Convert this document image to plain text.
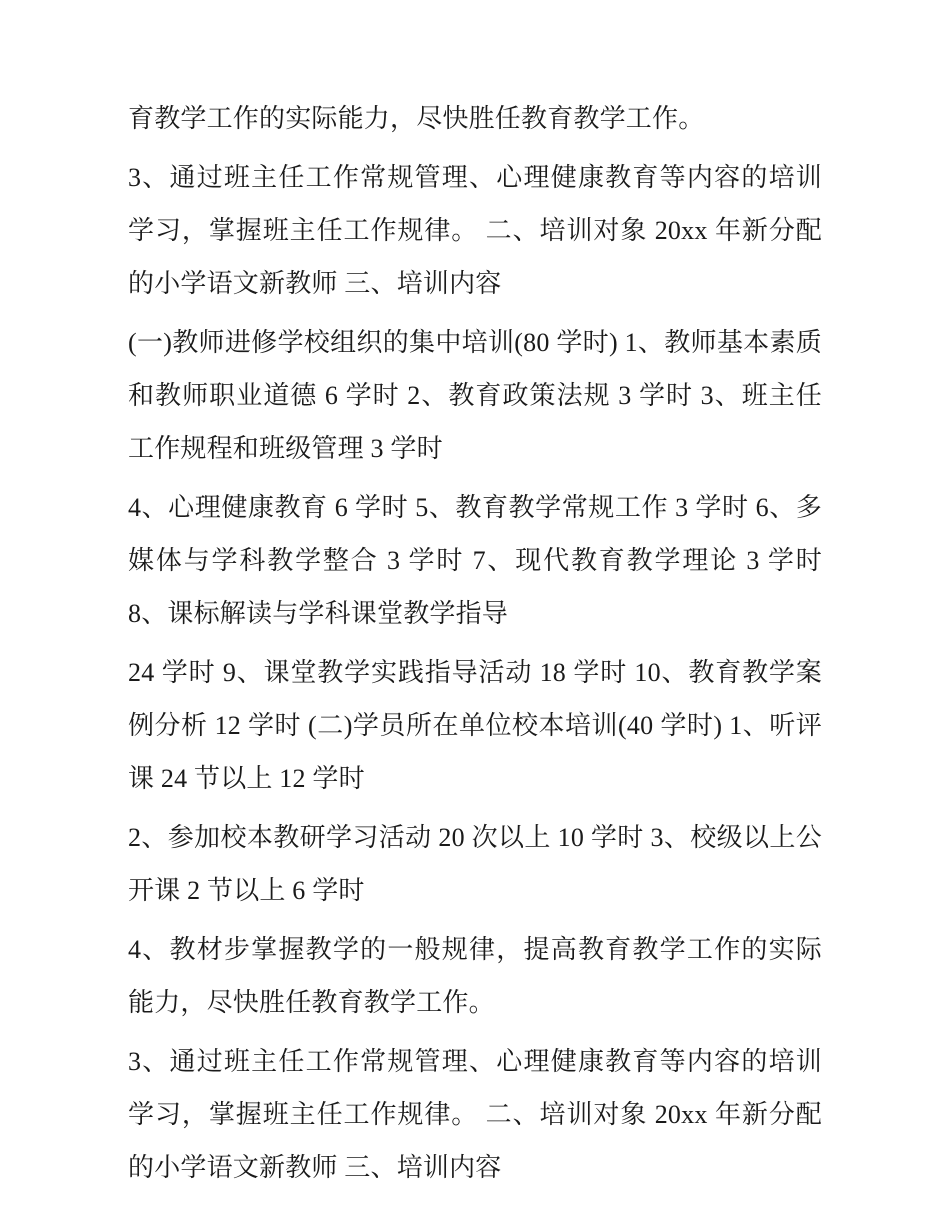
育教学工作的实际能力，尽快胜任教育教学工作。

3、通过班主任工作常规管理、心理健康教育等内容的培训学习，掌握班主任工作规律。 二、培训对象 20xx 年新分配的小学语文新教师 三、培训内容

(一)教师进修学校组织的集中培训(80 学时) 1、教师基本素质和教师职业道德 6 学时 2、教育政策法规 3 学时 3、班主任工作规程和班级管理 3 学时

4、心理健康教育 6 学时 5、教育教学常规工作 3 学时 6、多媒体与学科教学整合 3 学时 7、现代教育教学理论 3 学时 8、课标解读与学科课堂教学指导

24 学时 9、课堂教学实践指导活动 18 学时 10、教育教学案例分析 12 学时 (二)学员所在单位校本培训(40 学时) 1、听评课 24 节以上 12 学时

2、参加校本教研学习活动 20 次以上 10 学时 3、校级以上公开课 2 节以上 6 学时

4、教材步掌握教学的一般规律，提高教育教学工作的实际能力，尽快胜任教育教学工作。

3、通过班主任工作常规管理、心理健康教育等内容的培训学习，掌握班主任工作规律。 二、培训对象 20xx 年新分配的小学语文新教师 三、培训内容
